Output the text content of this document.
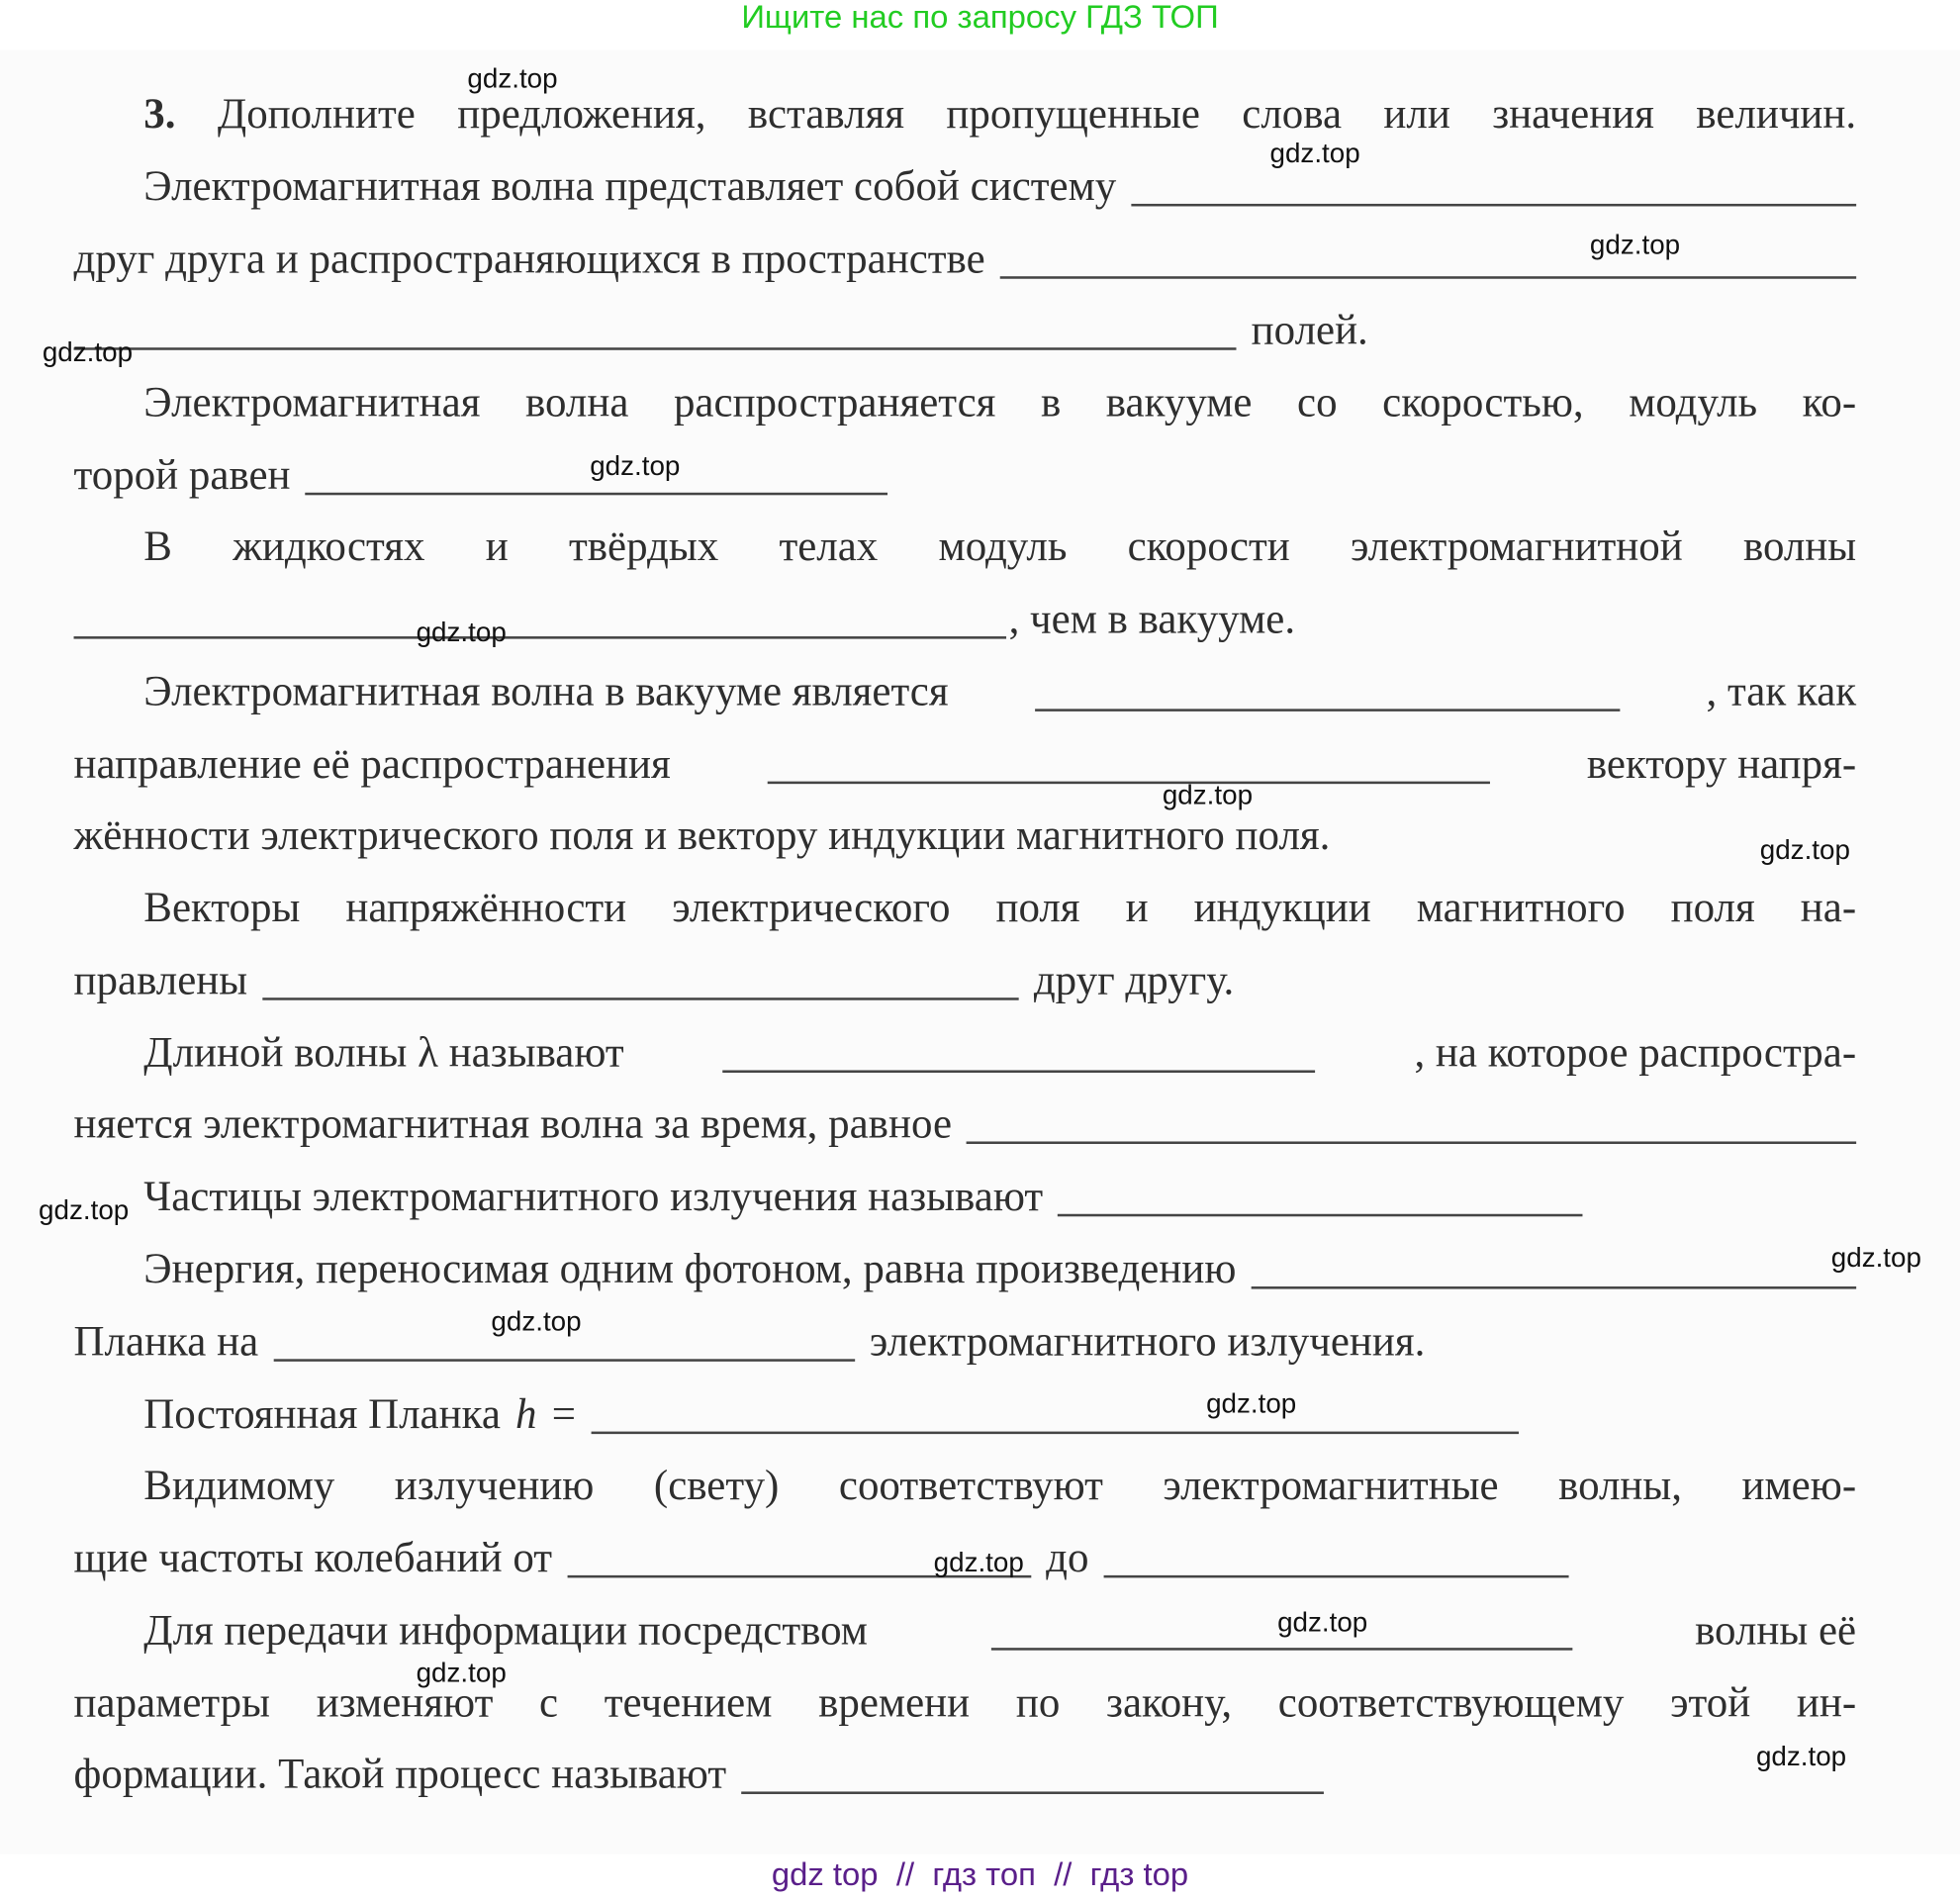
Ищите нас по запросу ГДЗ ТОП
3. Дополните предложения, вставляя пропущенные слова или значения величин.
Электромагнитная волна представляет собой систему
друг друга и распространяющихся в пространстве
полей.
Электромагнитная волна распространяется в вакууме со скоростью, модуль ко-
торой равен
В жидкостях и твёрдых телах модуль скорости электромагнитной волны
, чем в вакууме.
Электромагнитная волна в вакууме является	, так как
направление её распространения	вектору напря-
жённости электрического поля и вектору индукции магнитного поля.
Векторы напряжённости электрического поля и индукции магнитного поля на-
правлены	друг другу.
Длиной волны λ называют	, на которое распростра-
няется электромагнитная волна за время, равное
Частицы электромагнитного излучения называют
Энергия, переносимая одним фотоном, равна произведению
Планка на	электромагнитного излучения.
Постоянная Планка h =
Видимому излучению (свету) соответствуют электромагнитные волны, имею-
щие частоты колебаний от	до
Для передачи информации посредством	волны её
параметры изменяют с течением времени по закону, соответствующему этой ин-
формации. Такой процесс называют
gdz.top
gdz.top
gdz.top
gdz.top
gdz.top
gdz.top
gdz.top
gdz.top
gdz.top
gdz.top
gdz.top
gdz.top
gdz.top
gdz.top
gdz.top
gdz.top
gdz top  //  гдз топ  //  гдз top
